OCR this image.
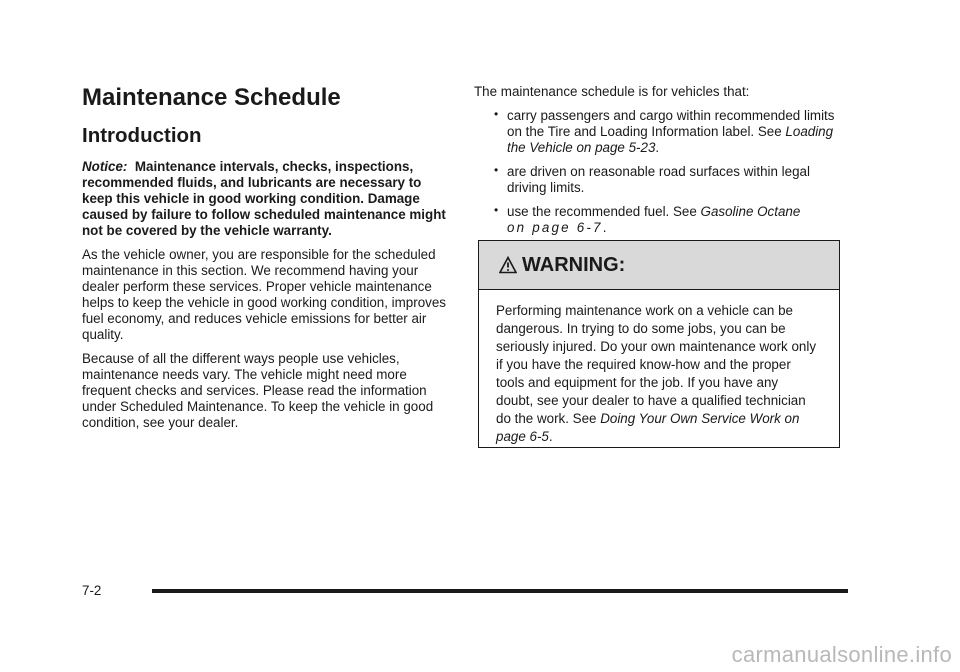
Maintenance Schedule
Introduction

Notice: Maintenance intervals, checks, inspections, recommended fluids, and lubricants are necessary to keep this vehicle in good working condition. Damage caused by failure to follow scheduled maintenance might not be covered by the vehicle warranty.

As the vehicle owner, you are responsible for the scheduled maintenance in this section. We recommend having your dealer perform these services. Proper vehicle maintenance helps to keep the vehicle in good working condition, improves fuel economy, and reduces vehicle emissions for better air quality.

Because of all the different ways people use vehicles, maintenance needs vary. The vehicle might need more frequent checks and services. Please read the information under Scheduled Maintenance. To keep the vehicle in good condition, see your dealer.

The maintenance schedule is for vehicles that:

• carry passengers and cargo within recommended limits on the Tire and Loading Information label. See Loading the Vehicle on page 5-23.
• are driven on reasonable road surfaces within legal driving limits.
• use the recommended fuel. See Gasoline Octane
on page 6-7.
WARNING:
Performing maintenance work on a vehicle can be dangerous. In trying to do some jobs, you can be seriously injured. Do your own maintenance work only if you have the required know-how and the proper tools and equipment for the job. If you have any doubt, see your dealer to have a qualified technician do the work. See Doing Your Own Service Work on page 6-5.
7-2
carmanualsonline.info
